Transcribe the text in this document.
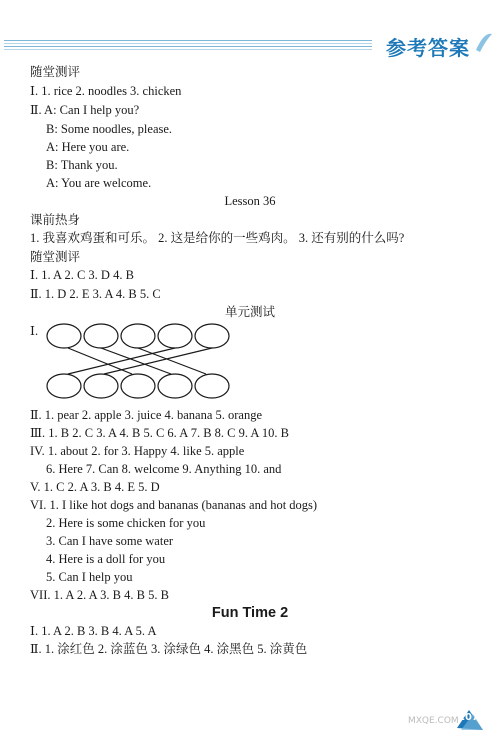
参考答案
随堂测评
Ⅰ. 1. rice 2. noodles 3. chicken
Ⅱ. A: Can I help you?
B: Some noodles, please.
A: Here you are.
B: Thank you.
A: You are welcome.
Lesson 36
课前热身
1. 我喜欢鸡蛋和可乐。 2. 这是给你的一些鸡肉。 3. 还有别的什么吗?
随堂测评
Ⅰ. 1. A 2. C 3. D 4. B
Ⅱ. 1. D 2. E 3. A 4. B 5. C
单元测试
Ⅰ.
Ⅱ. 1. pear 2. apple 3. juice 4. banana 5. orange
Ⅲ. 1. B 2. C 3. A 4. B 5. C 6. A 7. B 8. C 9. A 10. B
IV. 1. about 2. for 3. Happy 4. like 5. apple
6. Here 7. Can 8. welcome 9. Anything 10. and
V. 1. C 2. A 3. B 4. E 5. D
VI. 1. I like hot dogs and bananas (bananas and hot dogs)
2. Here is some chicken for you
3. Can I have some water
4. Here is a doll for you
5. Can I help you
VII. 1. A 2. A 3. B 4. B 5. B
Fun Time 2
Ⅰ. 1. A 2. B 3. B 4. A 5. A
Ⅱ. 1. 涂红色 2. 涂蓝色 3. 涂绿色 4. 涂黑色 5. 涂黄色
107
MXQE.COM
